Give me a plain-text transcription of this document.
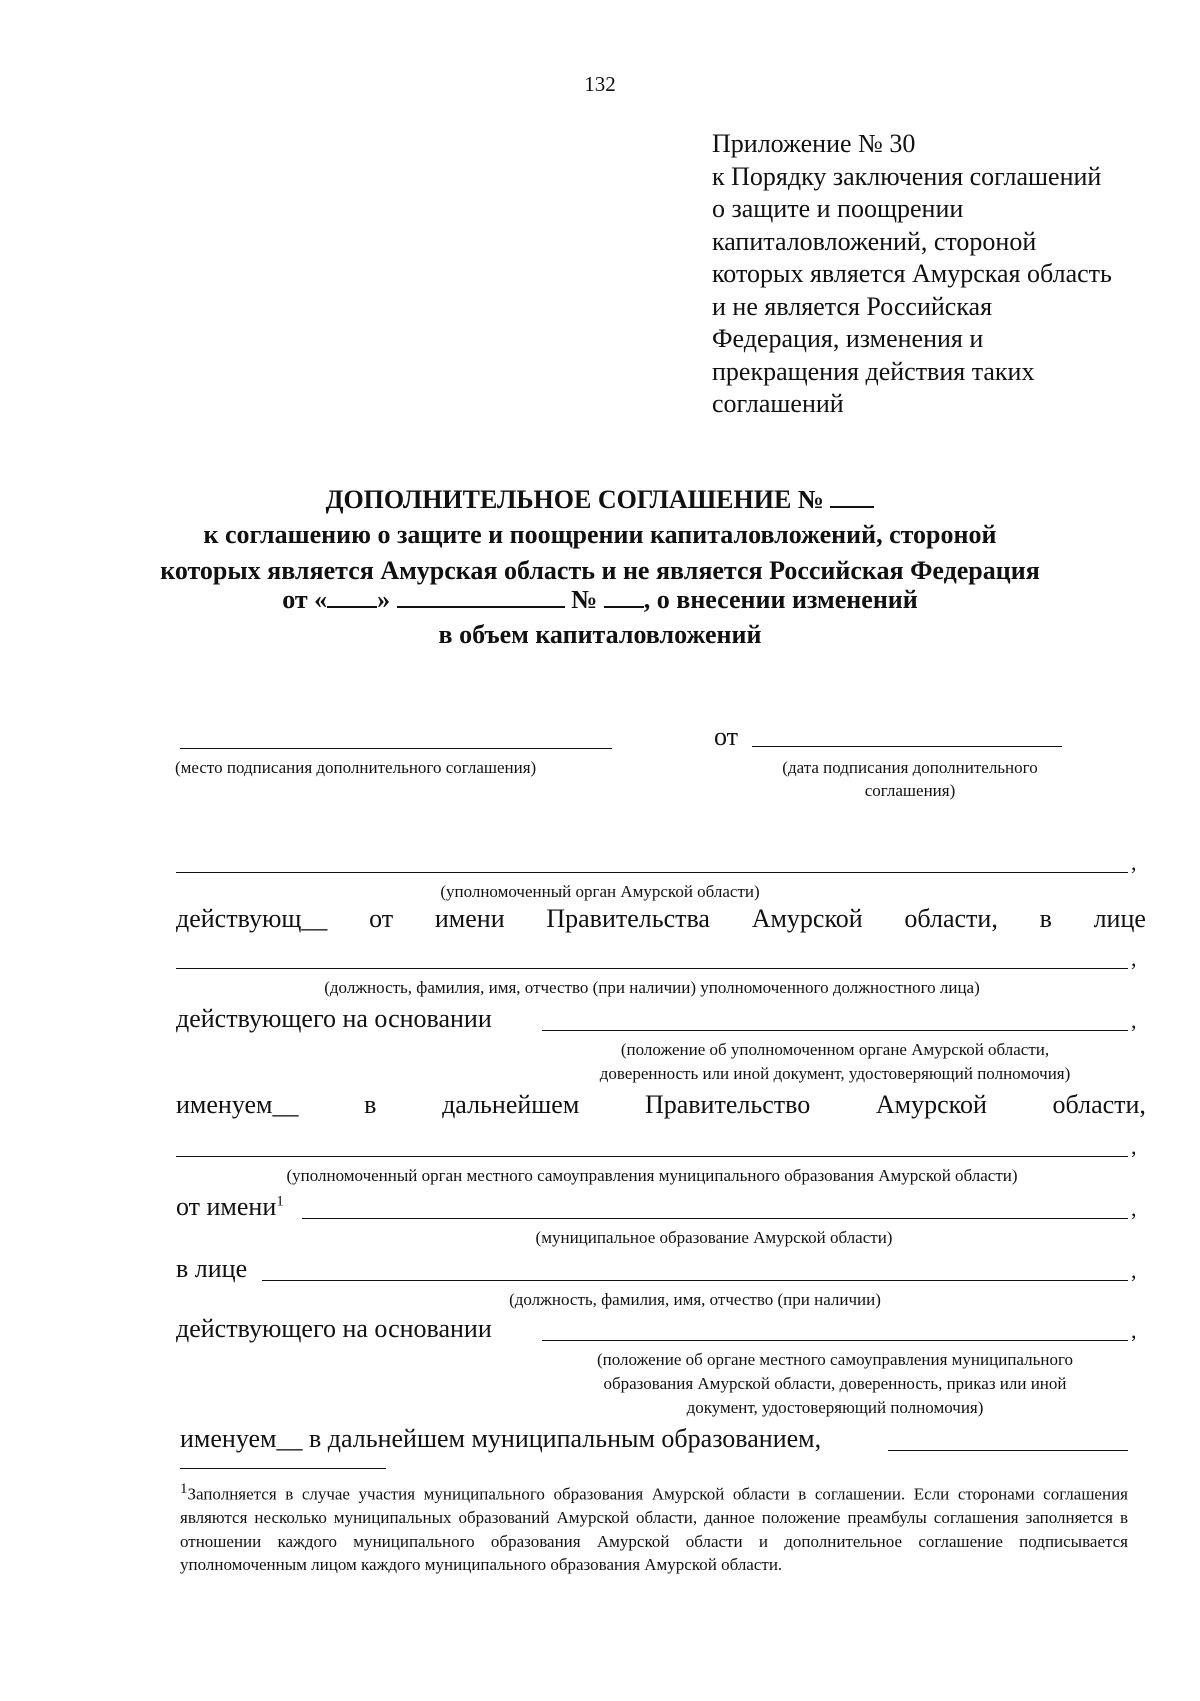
132
Приложение № 30
к Порядку заключения соглашений
о защите и поощрении
капиталовложений, стороной
которых является Амурская область
и не является Российская
Федерация, изменения и
прекращения действия таких
соглашений
ДОПОЛНИТЕЛЬНОЕ СОГЛАШЕНИЕ №
к соглашению о защите и поощрении капиталовложений, стороной
которых является Амурская область и не является Российская Федерация
от « »	№ , о внесении изменений
в объем капиталовложений
(место подписания дополнительного соглашения)
от
(дата подписания дополнительного
соглашения)
,
(уполномоченный орган Амурской области)
действующ__ от имени Правительства Амурской области, в лице
,
(должность, фамилия, имя, отчество (при наличии) уполномоченного должностного лица)
действующего на основании	,
(положение об уполномоченном органе Амурской области,
доверенность или иной документ, удостоверяющий полномочия)
именуем__	в	дальнейшем	Правительство	Амурской	области,
,
(уполномоченный орган местного самоуправления муниципального образования Амурской области)
от имени$^1$	,
(муниципальное образование Амурской области)
в лице	,
(должность, фамилия, имя, отчество (при наличии)
действующего на основании	,
(положение об органе местного самоуправления муниципального
образования Амурской области, доверенность, приказ или иной
документ, удостоверяющий полномочия)
именуем__ в дальнейшем муниципальным образованием,
$^1$Заполняется в случае участия муниципального образования Амурской области в соглашении. Если сторонами соглашения являются несколько муниципальных образований Амурской области, данное положение преамбулы соглашения заполняется в отношении каждого муниципального образования Амурской области и дополнительное соглашение подписывается уполномоченным лицом каждого муниципального образования Амурской области.
